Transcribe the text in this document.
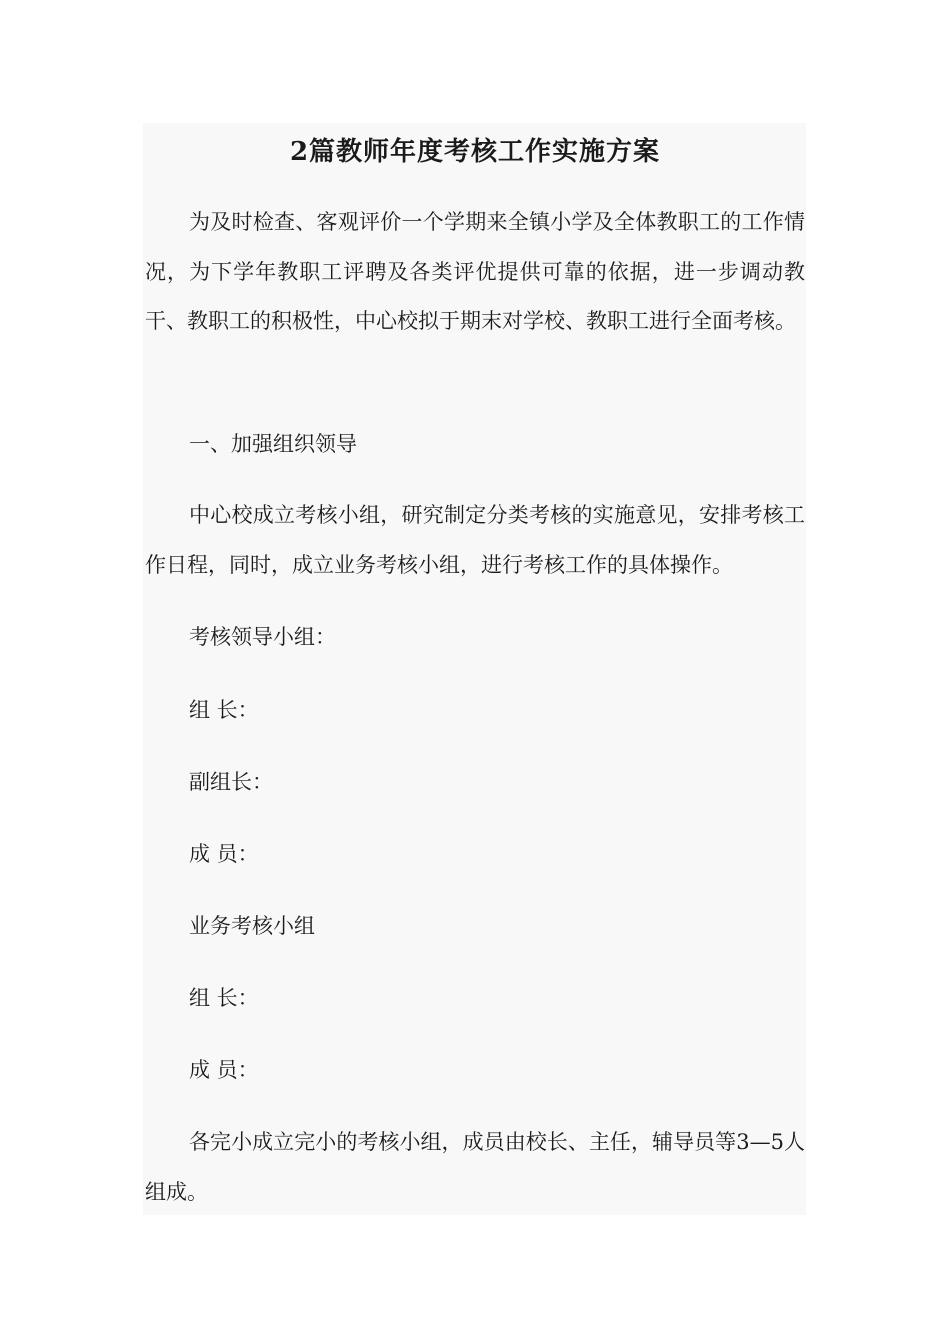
2篇教师年度考核工作实施方案

为及时检查、客观评价一个学期来全镇小学及全体教职工的工作情况，为下学年教职工评聘及各类评优提供可靠的依据，进一步调动教干、教职工的积极性，中心校拟于期末对学校、教职工进行全面考核。

一、加强组织领导

中心校成立考核小组，研究制定分类考核的实施意见，安排考核工作日程，同时，成立业务考核小组，进行考核工作的具体操作。

考核领导小组：

组 长：

副组长：

成 员：

业务考核小组

组 长：

成 员：

各完小成立完小的考核小组，成员由校长、主任，辅导员等3—5人组成。
